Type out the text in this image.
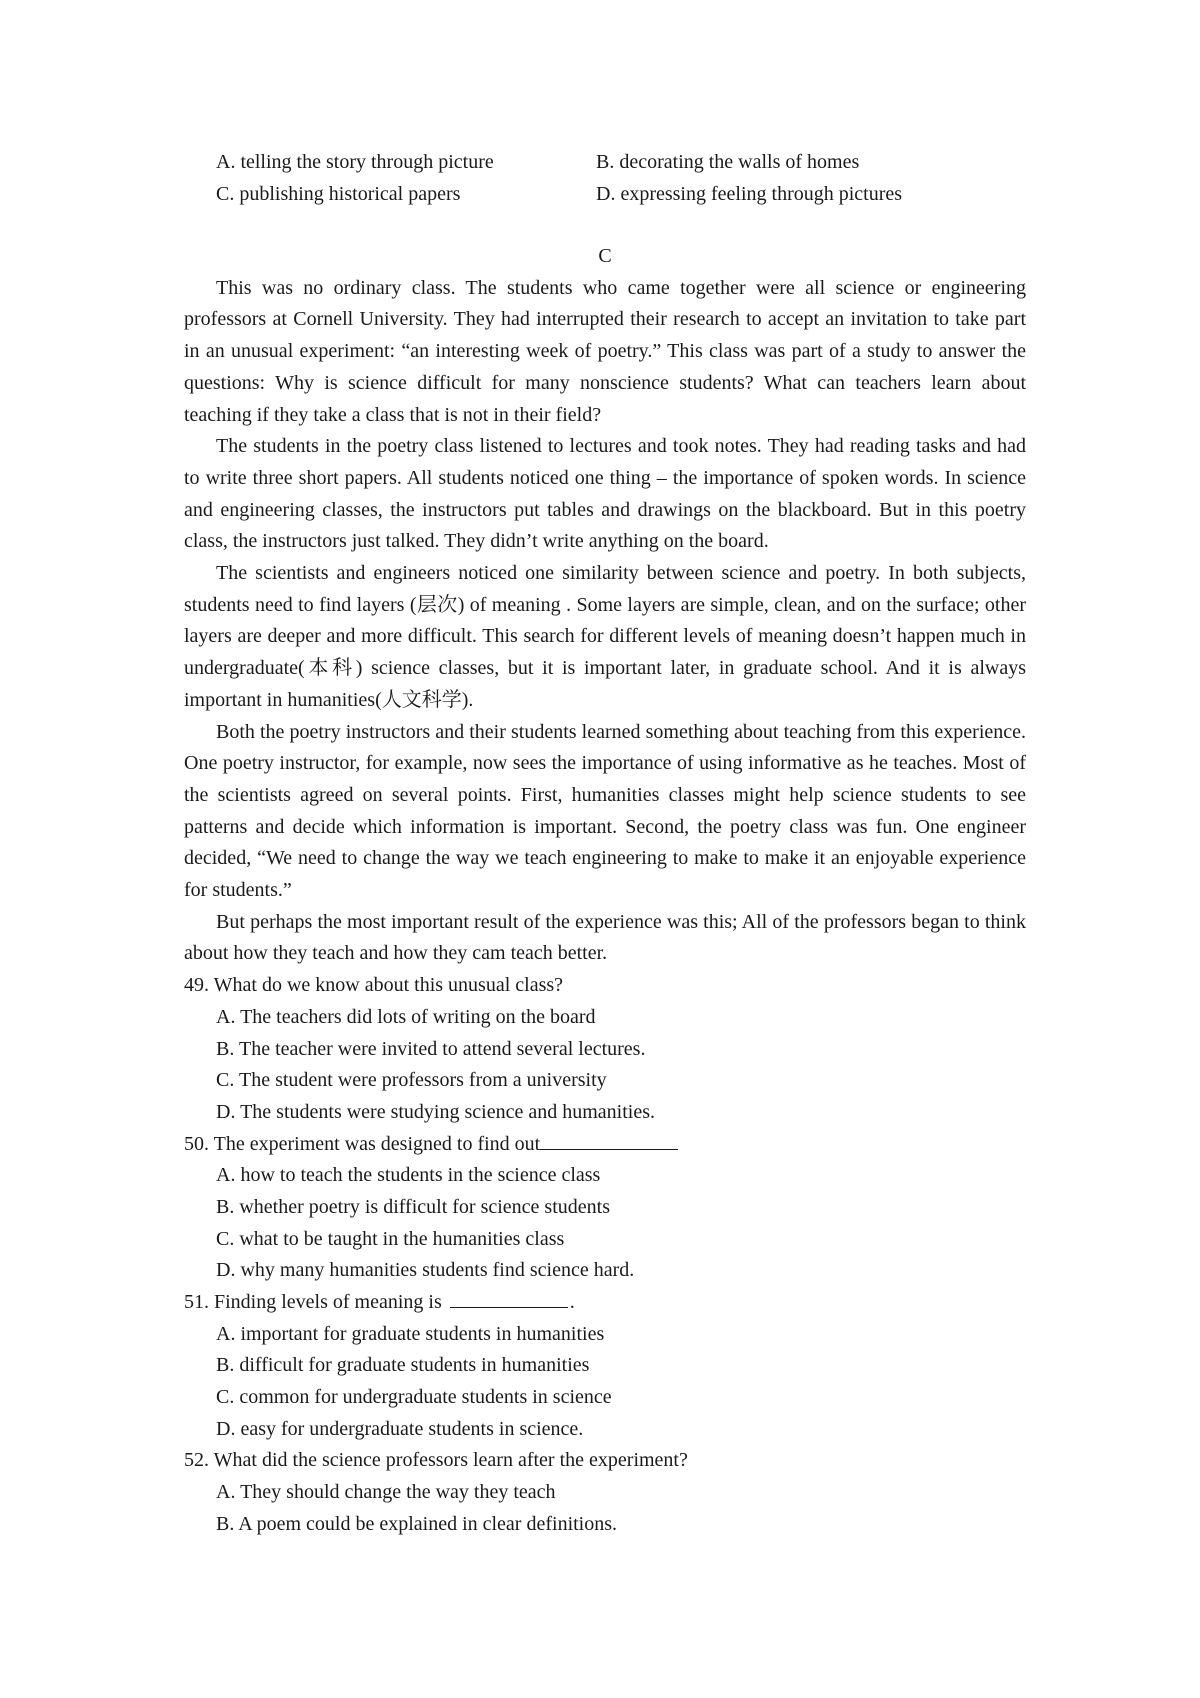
A. telling the story through picture	B. decorating the walls of homes
C. publishing historical papers	D. expressing feeling through pictures
C

This was no ordinary class. The students who came together were all science or engineering professors at Cornell University. They had interrupted their research to accept an invitation to take part in an unusual experiment: “an interesting week of poetry.” This class was part of a study to answer the questions: Why is science difficult for many nonscience students? What can teachers learn about teaching if they take a class that is not in their field?

The students in the poetry class listened to lectures and took notes. They had reading tasks and had to write three short papers. All students noticed one thing – the importance of spoken words. In science and engineering classes, the instructors put tables and drawings on the blackboard. But in this poetry class, the instructors just talked. They didn’t write anything on the board.

The scientists and engineers noticed one similarity between science and poetry. In both subjects, students need to find layers (层次) of meaning . Some layers are simple, clean, and on the surface; other layers are deeper and more difficult. This search for different levels of meaning doesn’t happen much in undergraduate(本科) science classes, but it is important later, in graduate school. And it is always important in humanities(人文科学).

Both the poetry instructors and their students learned something about teaching from this experience. One poetry instructor, for example, now sees the importance of using informative as he teaches. Most of the scientists agreed on several points. First, humanities classes might help science students to see patterns and decide which information is important. Second, the poetry class was fun. One engineer decided, “We need to change the way we teach engineering to make to make it an enjoyable experience for students.”

But perhaps the most important result of the experience was this; All of the professors began to think about how they teach and how they cam teach better.

49. What do we know about this unusual class?
A. The teachers did lots of writing on the board
B. The teacher were invited to attend several lectures.
C. The student were professors from a university
D. The students were studying science and humanities.
50. The experiment was designed to find out
A. how to teach the students in the science class
B. whether poetry is difficult for science students
C. what to be taught in the humanities class
D. why many humanities students find science hard.
51. Finding levels of meaning is	.
A. important for graduate students in humanities
B. difficult for graduate students in humanities
C. common for undergraduate students in science
D. easy for undergraduate students in science.
52. What did the science professors learn after the experiment?
A. They should change the way they teach
B. A poem could be explained in clear definitions.
